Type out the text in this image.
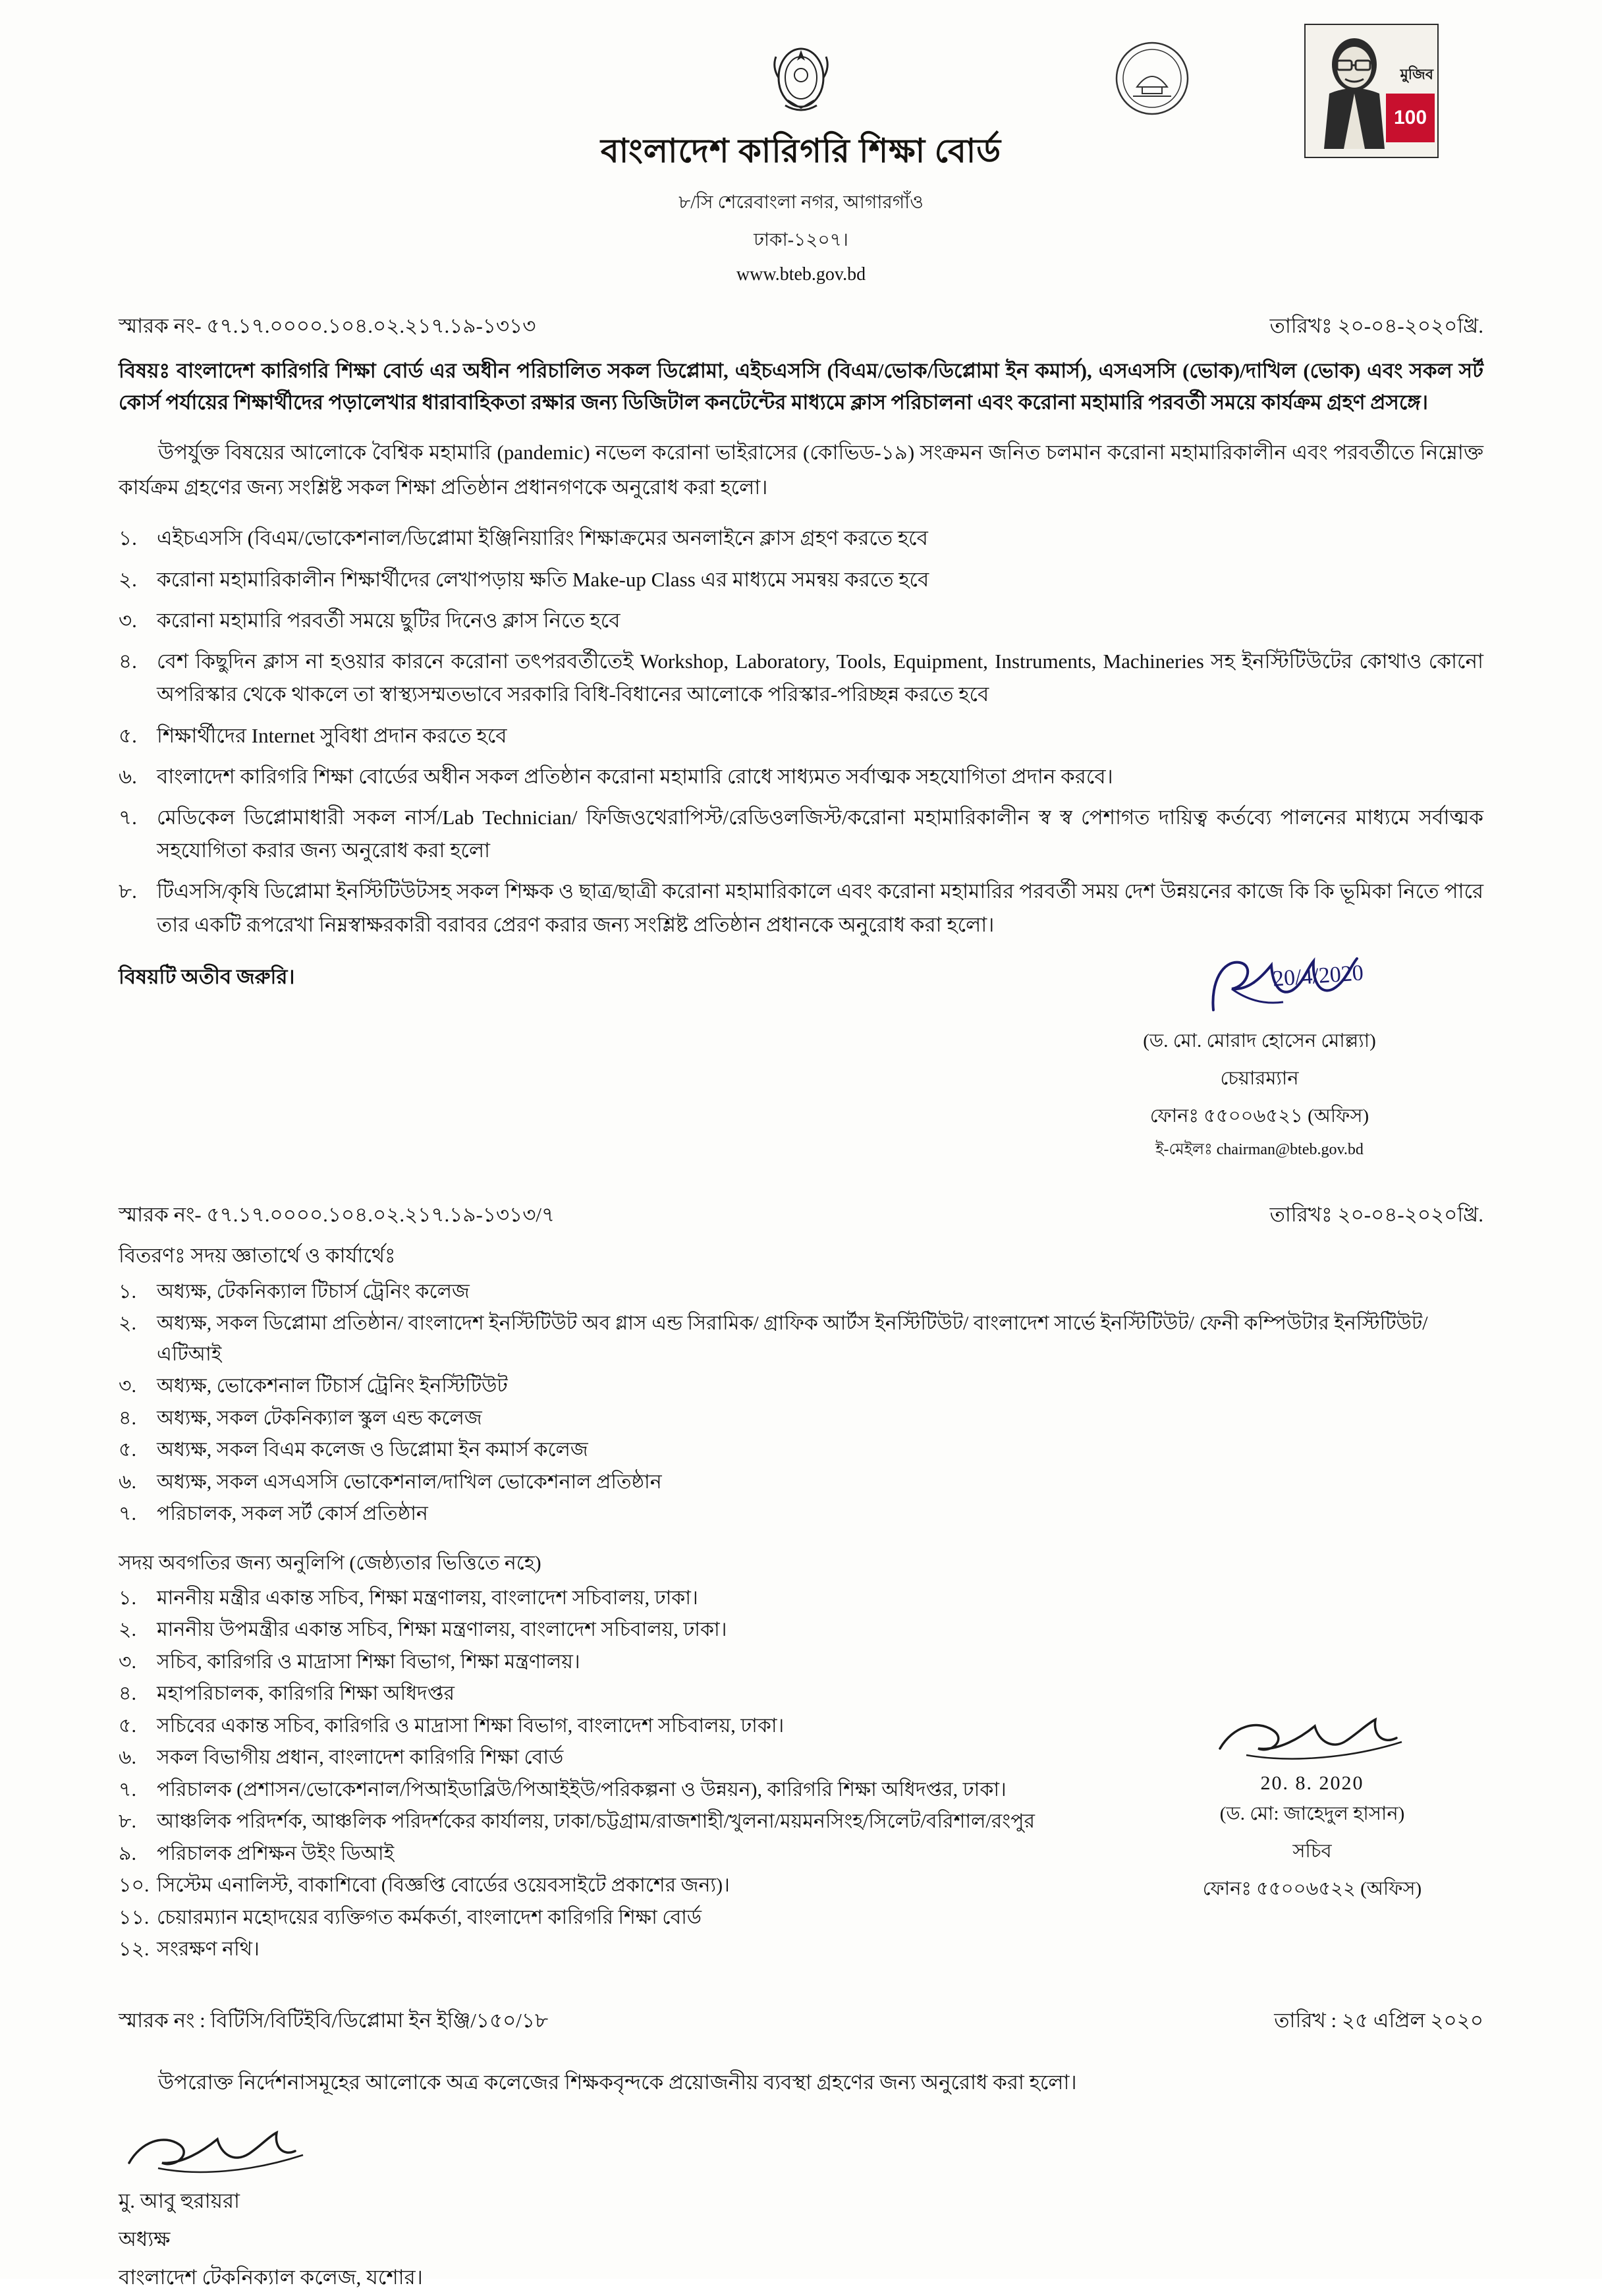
বাংলাদেশ কারিগরি শিক্ষা বোর্ড
৮/সি শেরেবাংলা নগর, আগারগাঁও
ঢাকা-১২০৭।
www.bteb.gov.bd
মুজিব
100
স্মারক নং- ৫৭.১৭.০০০০.১০৪.০২.২১৭.১৯-১৩১৩	তারিখঃ ২০-০৪-২০২০খ্রি.
বিষয়ঃ বাংলাদেশ কারিগরি শিক্ষা বোর্ড এর অধীন পরিচালিত সকল ডিপ্লোমা, এইচএসসি (বিএম/ভোক/ডিপ্লোমা ইন কমার্স), এসএসসি (ভোক)/দাখিল (ভোক) এবং সকল সর্ট কোর্স পর্যায়ের শিক্ষার্থীদের পড়ালেখার ধারাবাহিকতা রক্ষার জন্য ডিজিটাল কনটেন্টের মাধ্যমে ক্লাস পরিচালনা এবং করোনা মহামারি পরবর্তী সময়ে কার্যক্রম গ্রহণ প্রসঙ্গে।
উপর্যুক্ত বিষয়ের আলোকে বৈশ্বিক মহামারি (pandemic) নভেল করোনা ভাইরাসের (কোভিড-১৯) সংক্রমন জনিত চলমান করোনা মহামারিকালীন এবং পরবর্তীতে নিম্নোক্ত কার্যক্রম গ্রহণের জন্য সংশ্লিষ্ট সকল শিক্ষা প্রতিষ্ঠান প্রধানগণকে অনুরোধ করা হলো।
১. এইচএসসি (বিএম/ভোকেশনাল/ডিপ্লোমা ইঞ্জিনিয়ারিং শিক্ষাক্রমের অনলাইনে ক্লাস গ্রহণ করতে হবে
২. করোনা মহামারিকালীন শিক্ষার্থীদের লেখাপড়ায় ক্ষতি Make-up Class এর মাধ্যমে সমন্বয় করতে হবে
৩. করোনা মহামারি পরবর্তী সময়ে ছুটির দিনেও ক্লাস নিতে হবে
৪. বেশ কিছুদিন ক্লাস না হওয়ার কারনে করোনা তৎপরবর্তীতেই Workshop, Laboratory, Tools, Equipment, Instruments, Machineries সহ ইনস্টিটিউটের কোথাও কোনো অপরিস্কার থেকে থাকলে তা স্বাস্থ্যসম্মতভাবে সরকারি বিধি-বিধানের আলোকে পরিস্কার-পরিচ্ছন্ন করতে হবে
৫. শিক্ষার্থীদের Internet সুবিধা প্রদান করতে হবে
৬. বাংলাদেশ কারিগরি শিক্ষা বোর্ডের অধীন সকল প্রতিষ্ঠান করোনা মহামারি রোধে সাধ্যমত সর্বাত্মক সহযোগিতা প্রদান করবে।
৭. মেডিকেল ডিপ্লোমাধারী সকল নার্স/Lab Technician/ ফিজিওথেরাপিস্ট/রেডিওলজিস্ট/করোনা মহামারিকালীন স্ব স্ব পেশাগত দায়িত্ব কর্তব্যে পালনের মাধ্যমে সর্বাত্মক সহযোগিতা করার জন্য অনুরোধ করা হলো
৮. টিএসসি/কৃষি ডিপ্লোমা ইনস্টিটিউটসহ সকল শিক্ষক ও ছাত্র/ছাত্রী করোনা মহামারিকালে এবং করোনা মহামারির পরবর্তী সময় দেশ উন্নয়নের কাজে কি কি ভূমিকা নিতে পারে তার একটি রূপরেখা নিম্নস্বাক্ষরকারী বরাবর প্রেরণ করার জন্য সংশ্লিষ্ট প্রতিষ্ঠান প্রধানকে অনুরোধ করা হলো।
বিষয়টি অতীব জরুরি।	20/4/2020
(ড. মো. মোরাদ হোসেন মোল্ল্যা)
চেয়ারম্যান
ফোনঃ ৫৫০০৬৫২১ (অফিস)
ই-মেইলঃ chairman@bteb.gov.bd
স্মারক নং- ৫৭.১৭.০০০০.১০৪.০২.২১৭.১৯-১৩১৩/৭	তারিখঃ ২০-০৪-২০২০খ্রি.
বিতরণঃ সদয় জ্ঞাতার্থে ও কার্যার্থেঃ
১.	অধ্যক্ষ, টেকনিক্যাল টিচার্স ট্রেনিং কলেজ
২.	অধ্যক্ষ, সকল ডিপ্লোমা প্রতিষ্ঠান/ বাংলাদেশ ইনস্টিটিউট অব গ্লাস এন্ড সিরামিক/ গ্রাফিক আর্টস ইনস্টিটিউট/ বাংলাদেশ সার্ভে ইনস্টিটিউট/ ফেনী কম্পিউটার ইনস্টিটিউট/ এটিআই
৩.	অধ্যক্ষ, ভোকেশনাল টিচার্স ট্রেনিং ইনস্টিটিউট
৪.	অধ্যক্ষ, সকল টেকনিক্যাল স্কুল এন্ড কলেজ
৫.	অধ্যক্ষ, সকল বিএম কলেজ ও ডিপ্লোমা ইন কমার্স কলেজ
৬.	অধ্যক্ষ, সকল এসএসসি ভোকেশনাল/দাখিল ভোকেশনাল প্রতিষ্ঠান
৭.	পরিচালক, সকল সর্ট কোর্স প্রতিষ্ঠান
সদয় অবগতির জন্য অনুলিপি (জেষ্ঠ্যতার ভিত্তিতে নহে)
১.	মাননীয় মন্ত্রীর একান্ত সচিব, শিক্ষা মন্ত্রণালয়, বাংলাদেশ সচিবালয়, ঢাকা।
২.	মাননীয় উপমন্ত্রীর একান্ত সচিব, শিক্ষা মন্ত্রণালয়, বাংলাদেশ সচিবালয়, ঢাকা।
৩.	সচিব, কারিগরি ও মাদ্রাসা শিক্ষা বিভাগ, শিক্ষা মন্ত্রণালয়।
৪.	মহাপরিচালক, কারিগরি শিক্ষা অধিদপ্তর
৫.	সচিবের একান্ত সচিব, কারিগরি ও মাদ্রাসা শিক্ষা বিভাগ, বাংলাদেশ সচিবালয়, ঢাকা।
৬.	সকল বিভাগীয় প্রধান, বাংলাদেশ কারিগরি শিক্ষা বোর্ড
৭.	পরিচালক (প্রশাসন/ভোকেশনাল/পিআইডাব্লিউ/পিআইইউ/পরিকল্পনা ও উন্নয়ন), কারিগরি শিক্ষা অধিদপ্তর, ঢাকা।
৮.	আঞ্চলিক পরিদর্শক, আঞ্চলিক পরিদর্শকের কার্যালয়, ঢাকা/চট্টগ্রাম/রাজশাহী/খুলনা/ময়মনসিংহ/সিলেট/বরিশাল/রংপুর
৯.	পরিচালক প্রশিক্ষন উইং ডিআই
১০. সিস্টেম এনালিস্ট, বাকাশিবো (বিজ্ঞপ্তি বোর্ডের ওয়েবসাইটে প্রকাশের জন্য)।
১১. চেয়ারম্যান মহোদয়ের ব্যক্তিগত কর্মকর্তা, বাংলাদেশ কারিগরি শিক্ষা বোর্ড
১২. সংরক্ষণ নথি।
স্মারক নং : বিটিসি/বিটিইবি/ডিপ্লোমা ইন ইঞ্জি/১৫০/১৮	তারিখ : ২৫ এপ্রিল ২০২০
উপরোক্ত নির্দেশনাসমূহের আলোকে অত্র কলেজের শিক্ষকবৃন্দকে প্রয়োজনীয় ব্যবস্থা গ্রহণের জন্য অনুরোধ করা হলো।
মু. আবু হুরায়রা
অধ্যক্ষ
বাংলাদেশ টেকনিক্যাল কলেজ, যশোর।
20. 8. 2020
(ড. মো: জাহেদুল হাসান)
সচিব
ফোনঃ ৫৫০০৬৫২২ (অফিস)
